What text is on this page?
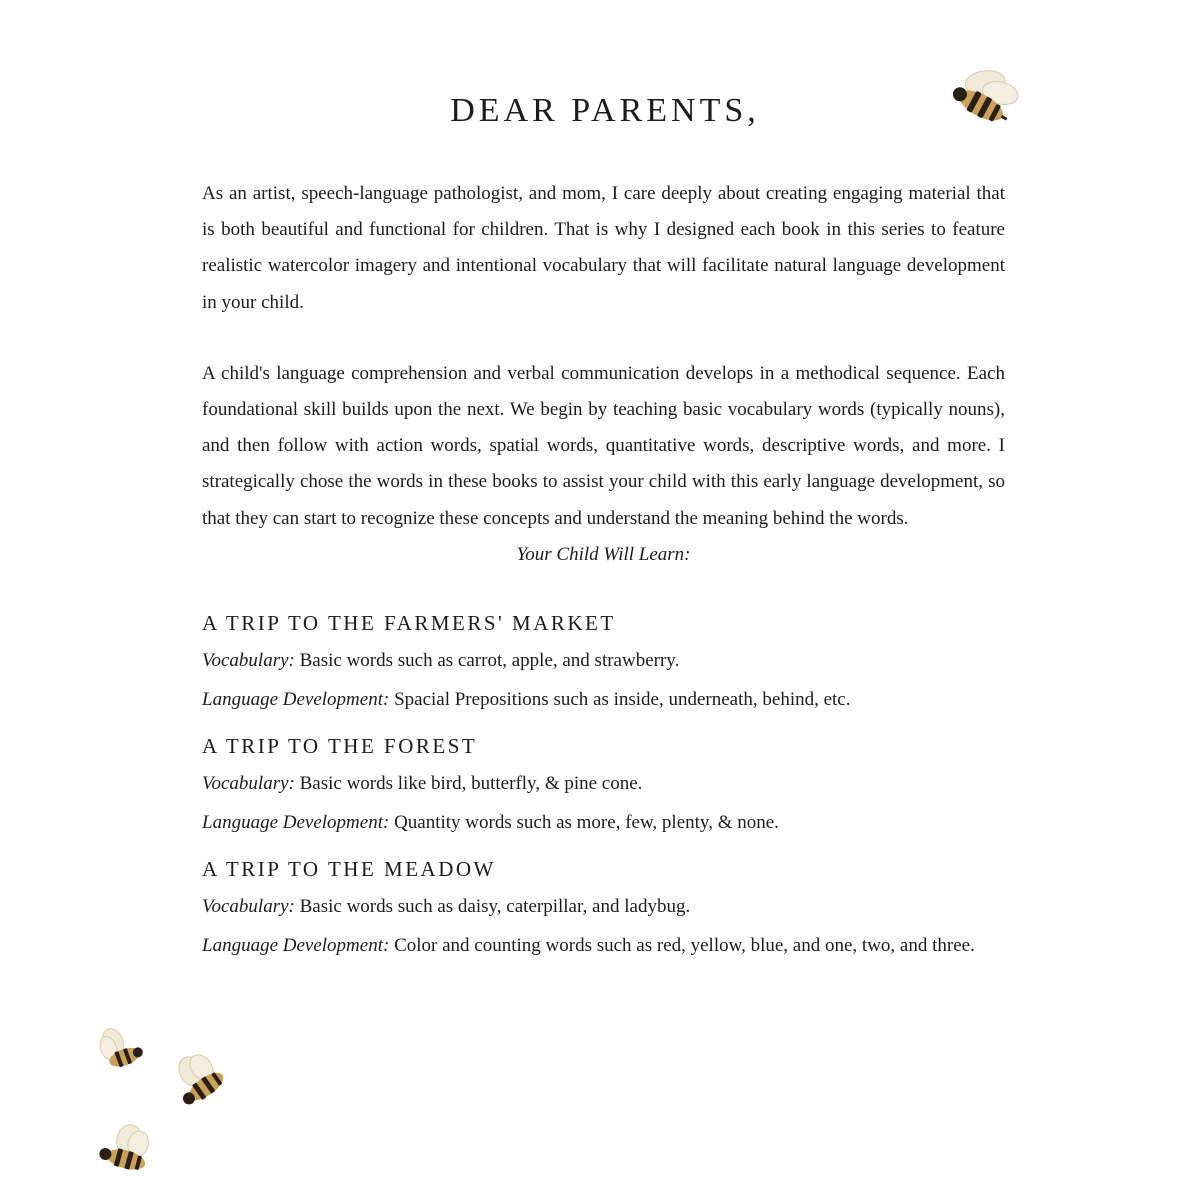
DEAR PARENTS,

As an artist, speech-language pathologist, and mom, I care deeply about creating engaging material that is both beautiful and functional for children. That is why I designed each book in this series to feature realistic watercolor imagery and intentional vocabulary that will facilitate natural language development in your child.

A child's language comprehension and verbal communication develops in a methodical sequence. Each foundational skill builds upon the next. We begin by teaching basic vocabulary words (typically nouns), and then follow with action words, spatial words, quantitative words, descriptive words, and more. I strategically chose the words in these books to assist your child with this early language development, so that they can start to recognize these concepts and understand the meaning behind the words.

Your Child Will Learn:

A TRIP TO THE FARMERS' MARKET
Vocabulary: Basic words such as carrot, apple, and strawberry.
Language Development: Spacial Prepositions such as inside, underneath, behind, etc.
A TRIP TO THE FOREST
Vocabulary: Basic words like bird, butterfly, & pine cone.
Language Development: Quantity words such as more, few, plenty, & none.
A TRIP TO THE MEADOW
Vocabulary: Basic words such as daisy, caterpillar, and ladybug.
Language Development: Color and counting words such as red, yellow, blue, and one, two, and three.
